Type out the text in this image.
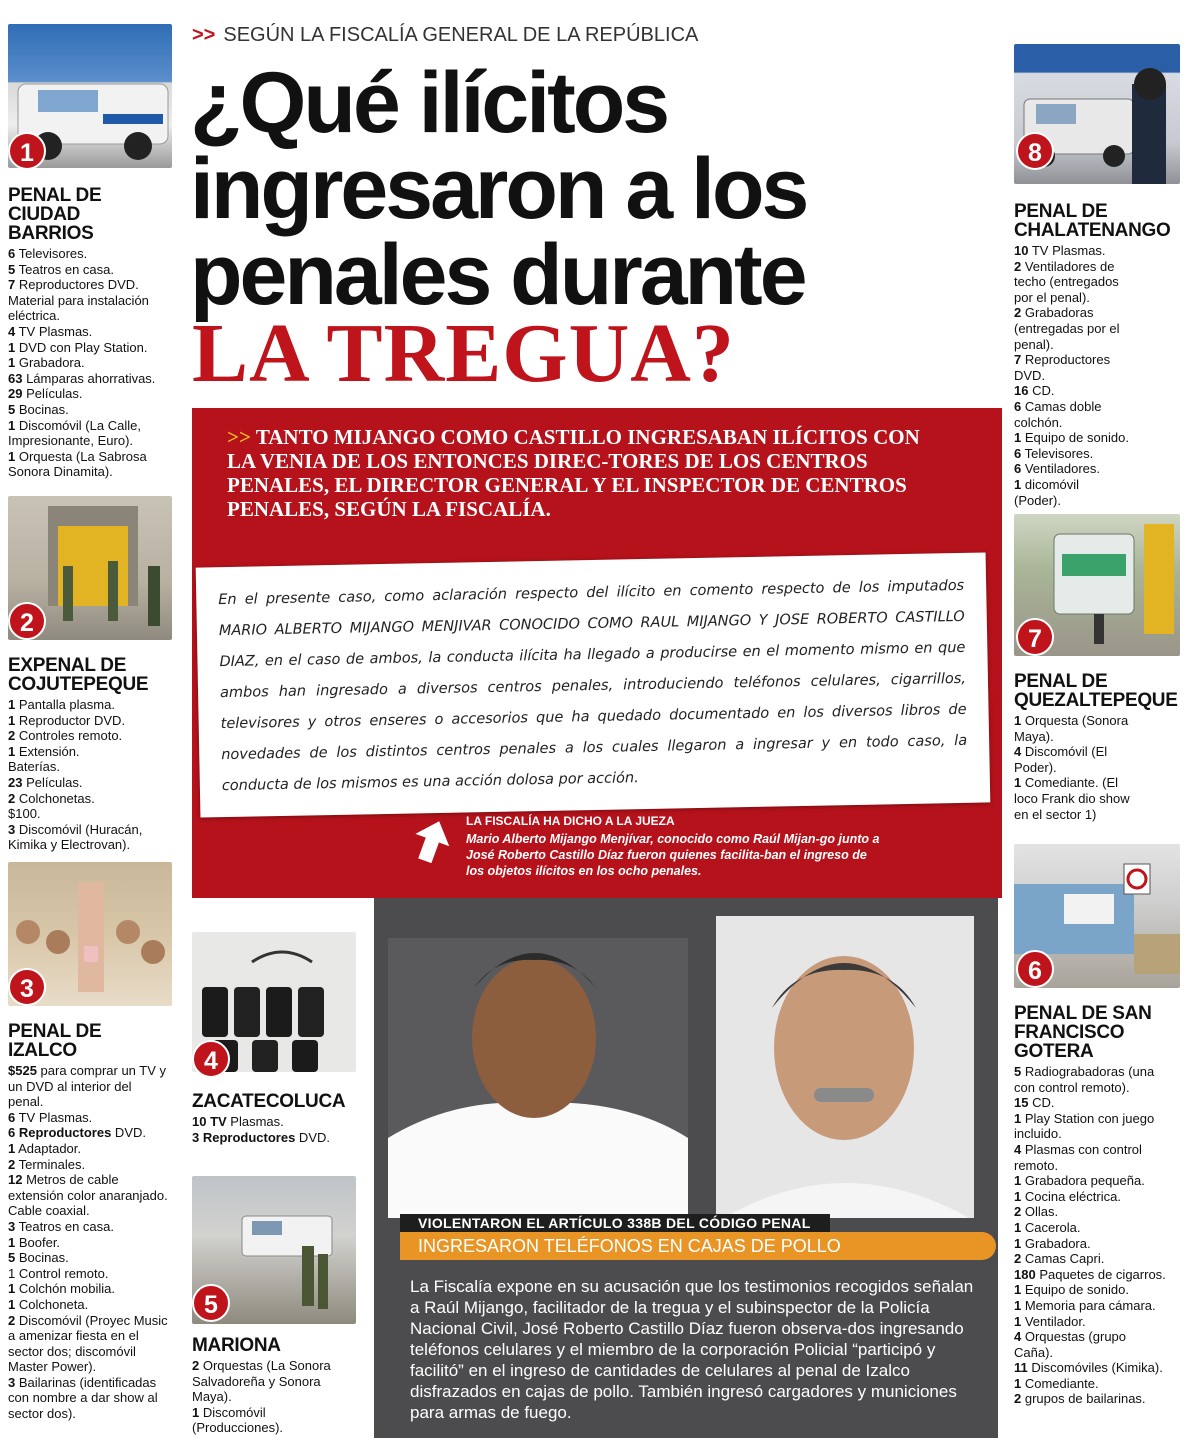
1
2
3
PENAL DE CIUDAD BARRIOS
6 Televisores.
5 Teatros en casa.
7 Reproductores DVD.
Material para instalación eléctrica.
4 TV Plasmas.
1 DVD con Play Station.
1 Grabadora.
63 Lámparas ahorrativas.
29 Películas.
5 Bocinas.
1 Discomóvil (La Calle, Impresionante, Euro).
1 Orquesta (La Sabrosa Sonora Dinamita).
EXPENAL DE COJUTEPEQUE
1 Pantalla plasma.
1 Reproductor DVD.
2 Controles remoto.
1 Extensión.
Baterías.
23 Películas.
2 Colchonetas.
$100.
3 Discomóvil (Huracán, Kimika y Electrovan).
PENAL DE IZALCO
$525 para comprar un TV y un DVD al interior del penal.
6 TV Plasmas.
6 Reproductores DVD.
1 Adaptador.
2 Terminales.
12 Metros de cable extensión color anaranjado.
Cable coaxial.
3 Teatros en casa.
1 Boofer.
5 Bocinas.
1 Control remoto.
1 Colchón mobilia.
1 Colchoneta.
2 Discomóvil (Proyec Music a amenizar fiesta en el sector dos; discomóvil Master Power).
3 Bailarinas (identificadas con nombre a dar show al sector dos).
4
ZACATECOLUCA
10 TV Plasmas.
3 Reproductores DVD.
5
MARIONA
2 Orquestas (La Sonora Salvadoreña y Sonora Maya).
1 Discomóvil (Producciones).
>> SEGÚN LA FISCALÍA GENERAL DE LA REPÚBLICA
¿Qué ilícitos
ingresaron a los
penales durante
LA TREGUA?
>> TANTO MIJANGO COMO CASTILLO INGRESABAN ILÍCITOS CON LA VENIA DE LOS ENTONCES DIREC-TORES DE LOS CENTROS PENALES, EL DIRECTOR GENERAL Y EL INSPECTOR DE CENTROS PENALES, SEGÚN LA FISCALÍA.

En el presente caso, como aclaración respecto del ilícito en comento respecto de los imputados MARIO ALBERTO MIJANGO MENJIVAR CONOCIDO COMO RAUL MIJANGO Y JOSE ROBERTO CASTILLO DIAZ, en el caso de ambos, la conducta ilícita ha llegado a producirse en el momento mismo en que ambos han ingresado a diversos centros penales, introduciendo teléfonos celulares, cigarrillos, televisores y otros enseres o accesorios que ha quedado documentado en los diversos libros de novedades de los distintos centros penales a los cuales llegaron a ingresar y en todo caso, la conducta de los mismos es una acción dolosa por acción.

LA FISCALÍA HA DICHO A LA JUEZA
Mario Alberto Mijango Menjívar, conocido como Raúl Mijan-go junto a José Roberto Castillo Díaz fueron quienes facilita-ban el ingreso de los objetos ilícitos en los ocho penales.
VIOLENTARON EL ARTÍCULO 338B DEL CÓDIGO PENAL
INGRESARON TELÉFONOS EN CAJAS DE POLLO
La Fiscalía expone en su acusación que los testimonios recogidos señalan a Raúl Mijango, facilitador de la tregua y el subinspector de la Policía Nacional Civil, José Roberto Castillo Díaz fueron observa-dos ingresando teléfonos celulares y el miembro de la corporación Policial “participó y facilitó” en el ingreso de cantidades de celulares al penal de Izalco disfrazados en cajas de pollo. También ingresó cargadores y municiones para armas de fuego.
8
PENAL DE CHALATENANGO
10 TV Plasmas.
2 Ventiladores de techo (entregados por el penal).
2 Grabadoras (entregadas por el penal).
7 Reproductores DVD.
16 CD.
6 Camas doble colchón.
1 Equipo de sonido.
6 Televisores.
6 Ventiladores.
1 dicomóvil (Poder).
7
PENAL DE QUEZALTEPEQUE
1 Orquesta (Sonora Maya).
4 Discomóvil (El Poder).
1 Comediante. (El loco Frank dio show en el sector 1)
6
PENAL DE SAN FRANCISCO GOTERA
5 Radiograbadoras (una con control remoto).
15 CD.
1 Play Station con juego incluido.
4 Plasmas con control remoto.
1 Grabadora pequeña.
1 Cocina eléctrica.
2 Ollas.
1 Cacerola.
1 Grabadora.
2 Camas Capri.
180 Paquetes de cigarros.
1 Equipo de sonido.
1 Memoria para cámara.
1 Ventilador.
4 Orquestas (grupo Caña).
11 Discomóviles (Kimika).
1 Comediante.
2 grupos de bailarinas.
